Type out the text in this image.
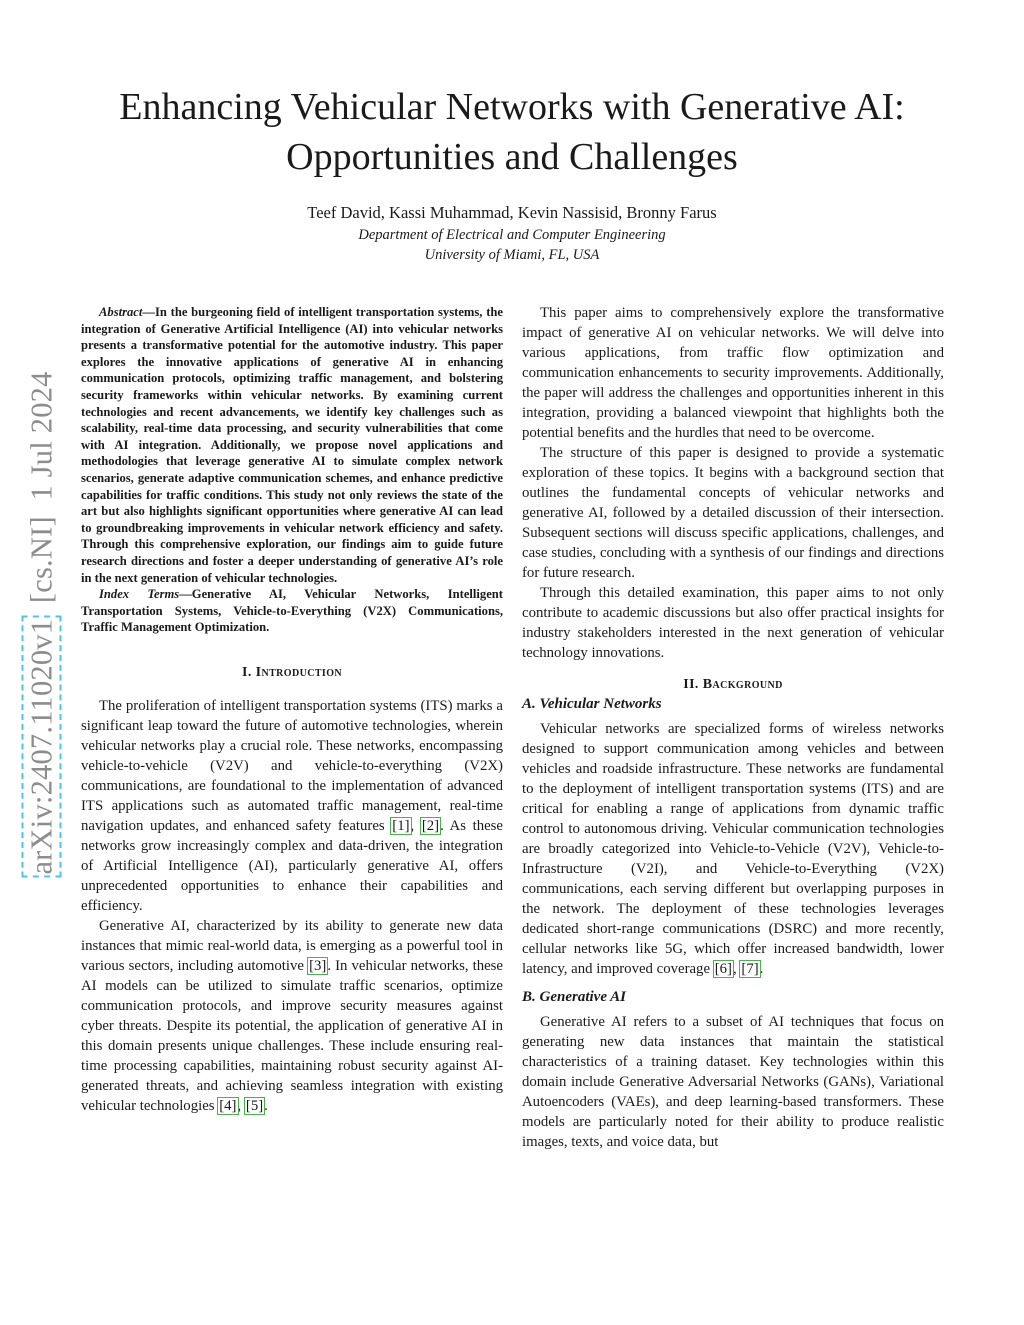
arXiv:2407.11020v1  [cs.NI]  1 Jul 2024
Enhancing Vehicular Networks with Generative AI:
Opportunities and Challenges
Teef David, Kassi Muhammad, Kevin Nassisid, Bronny Farus
Department of Electrical and Computer Engineering
University of Miami, FL, USA

Abstract—In the burgeoning field of intelligent transportation systems, the integration of Generative Artificial Intelligence (AI) into vehicular networks presents a transformative potential for the automotive industry. This paper explores the innovative applications of generative AI in enhancing communication protocols, optimizing traffic management, and bolstering security frameworks within vehicular networks. By examining current technologies and recent advancements, we identify key challenges such as scalability, real-time data processing, and security vulnerabilities that come with AI integration. Additionally, we propose novel applications and methodologies that leverage generative AI to simulate complex network scenarios, generate adaptive communication schemes, and enhance predictive capabilities for traffic conditions. This study not only reviews the state of the art but also highlights significant opportunities where generative AI can lead to groundbreaking improvements in vehicular network efficiency and safety. Through this comprehensive exploration, our findings aim to guide future research directions and foster a deeper understanding of generative AI’s role in the next generation of vehicular technologies.

Index Terms—Generative AI, Vehicular Networks, Intelligent Transportation Systems, Vehicle-to-Everything (V2X) Communications, Traffic Management Optimization.

I. Introduction

The proliferation of intelligent transportation systems (ITS) marks a significant leap toward the future of automotive technologies, wherein vehicular networks play a crucial role. These networks, encompassing vehicle-to-vehicle (V2V) and vehicle-to-everything (V2X) communications, are foundational to the implementation of advanced ITS applications such as automated traffic management, real-time navigation updates, and enhanced safety features [1], [2]. As these networks grow increasingly complex and data-driven, the integration of Artificial Intelligence (AI), particularly generative AI, offers unprecedented opportunities to enhance their capabilities and efficiency.

Generative AI, characterized by its ability to generate new data instances that mimic real-world data, is emerging as a powerful tool in various sectors, including automotive [3]. In vehicular networks, these AI models can be utilized to simulate traffic scenarios, optimize communication protocols, and improve security measures against cyber threats. Despite its potential, the application of generative AI in this domain presents unique challenges. These include ensuring real-time processing capabilities, maintaining robust security against AI-generated threats, and achieving seamless integration with existing vehicular technologies [4], [5].

This paper aims to comprehensively explore the transformative impact of generative AI on vehicular networks. We will delve into various applications, from traffic flow optimization and communication enhancements to security improvements. Additionally, the paper will address the challenges and opportunities inherent in this integration, providing a balanced viewpoint that highlights both the potential benefits and the hurdles that need to be overcome.

The structure of this paper is designed to provide a systematic exploration of these topics. It begins with a background section that outlines the fundamental concepts of vehicular networks and generative AI, followed by a detailed discussion of their intersection. Subsequent sections will discuss specific applications, challenges, and case studies, concluding with a synthesis of our findings and directions for future research.

Through this detailed examination, this paper aims to not only contribute to academic discussions but also offer practical insights for industry stakeholders interested in the next generation of vehicular technology innovations.

II. Background
A. Vehicular Networks

Vehicular networks are specialized forms of wireless networks designed to support communication among vehicles and between vehicles and roadside infrastructure. These networks are fundamental to the deployment of intelligent transportation systems (ITS) and are critical for enabling a range of applications from dynamic traffic control to autonomous driving. Vehicular communication technologies are broadly categorized into Vehicle-to-Vehicle (V2V), Vehicle-to-Infrastructure (V2I), and Vehicle-to-Everything (V2X) communications, each serving different but overlapping purposes in the network. The deployment of these technologies leverages dedicated short-range communications (DSRC) and more recently, cellular networks like 5G, which offer increased bandwidth, lower latency, and improved coverage [6], [7].

B. Generative AI

Generative AI refers to a subset of AI techniques that focus on generating new data instances that maintain the statistical characteristics of a training dataset. Key technologies within this domain include Generative Adversarial Networks (GANs), Variational Autoencoders (VAEs), and deep learning-based transformers. These models are particularly noted for their ability to produce realistic images, texts, and voice data, but
